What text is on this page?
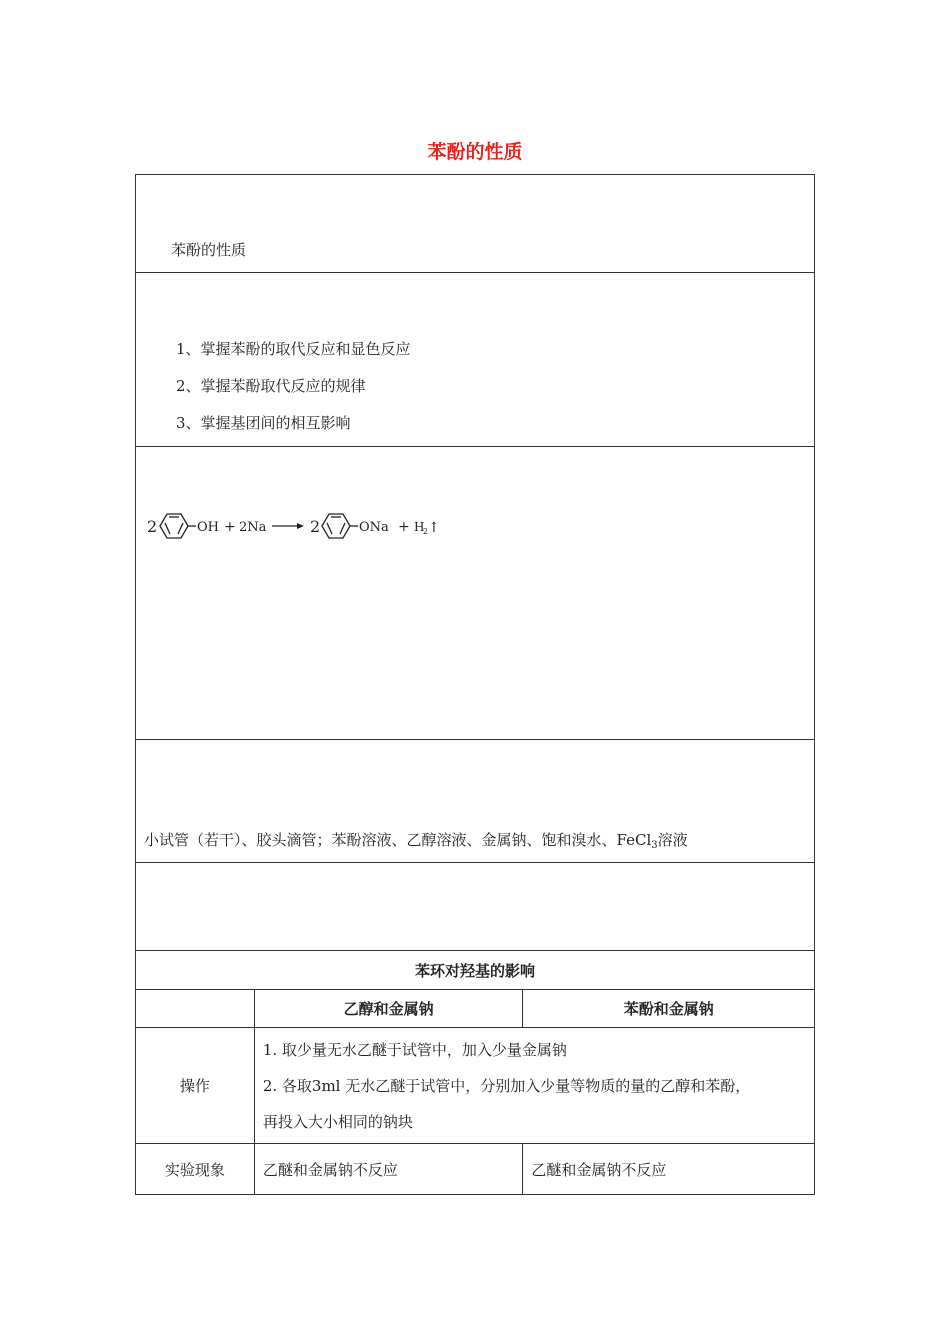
苯酚的性质
苯酚的性质
1、掌握苯酚的取代反应和显色反应
2、掌握苯酚取代反应的规律
3、掌握基团间的相互影响
2	OH + 2Na	2	ONa + H
2 ↑
小试管（若干）、胶头滴管；苯酚溶液、乙醇溶液、金属钠、饱和溴水、FeCl$_3$溶液
苯环对羟基的影响		
	乙醇和金属钠	苯酚和金属钠
操作	1. 取少量无水乙醚于试管中，加入少量金属钠
2. 各取3ml 无水乙醚于试管中，分别加入少量等物质的量的乙醇和苯酚，
再投入大小相同的钠块	

实验现象	乙醚和金属钠不反应	乙醚和金属钠不反应
